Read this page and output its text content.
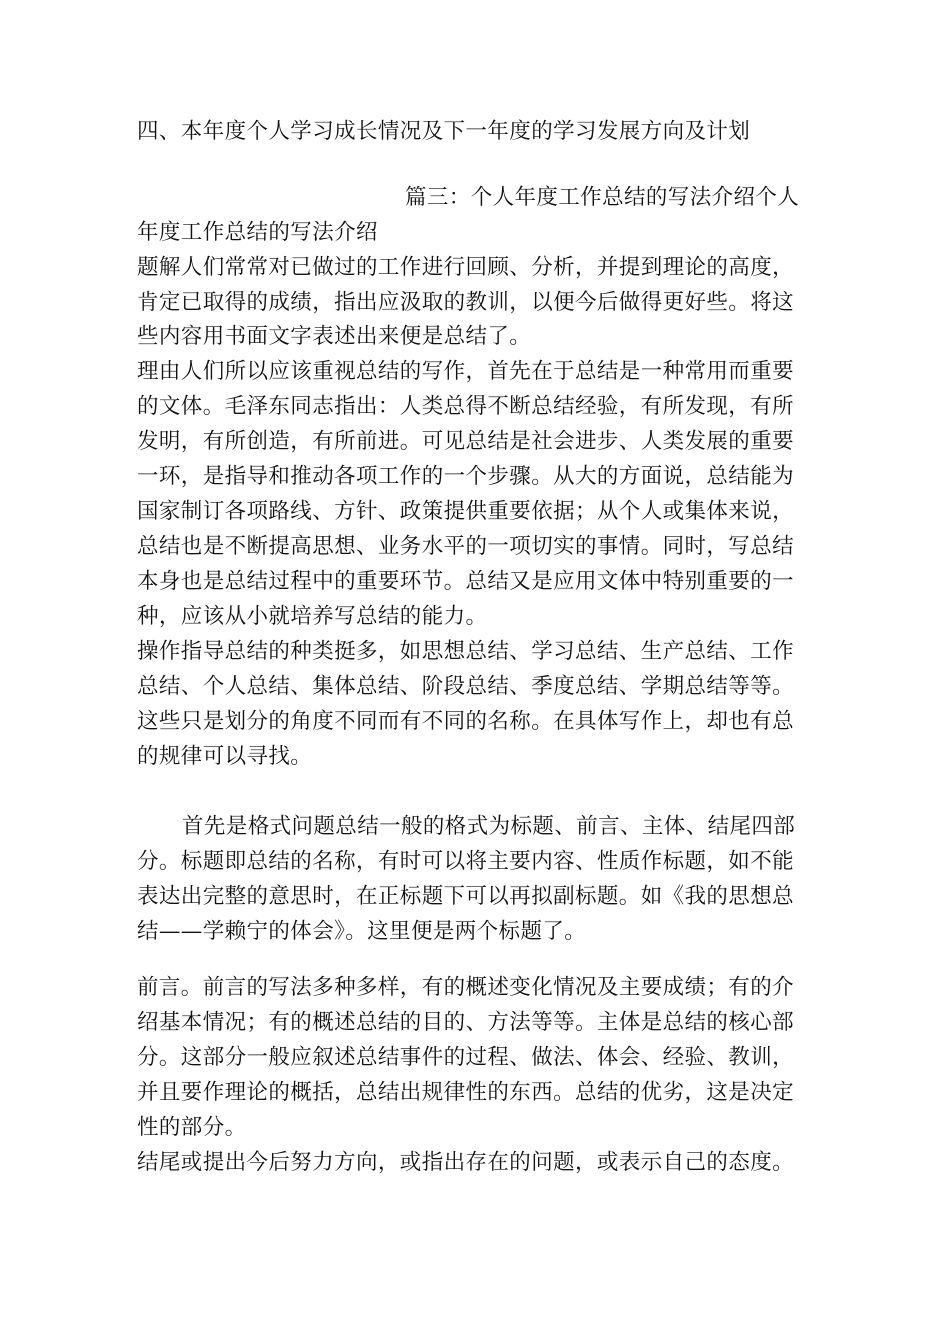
四、本年度个人学习成长情况及下一年度的学习发展方向及计划
篇三：个人年度工作总结的写法介绍个人
年度工作总结的写法介绍
题解人们常常对已做过的工作进行回顾、分析，并提到理论的高度，
肯定已取得的成绩，指出应汲取的教训，以便今后做得更好些。将这
些内容用书面文字表述出来便是总结了。
理由人们所以应该重视总结的写作，首先在于总结是一种常用而重要
的文体。毛泽东同志指出：人类总得不断总结经验，有所发现，有所
发明，有所创造，有所前进。可见总结是社会进步、人类发展的重要
一环，是指导和推动各项工作的一个步骤。从大的方面说，总结能为
国家制订各项路线、方针、政策提供重要依据；从个人或集体来说，
总结也是不断提高思想、业务水平的一项切实的事情。同时，写总结
本身也是总结过程中的重要环节。总结又是应用文体中特别重要的一
种，应该从小就培养写总结的能力。
操作指导总结的种类挺多，如思想总结、学习总结、生产总结、工作
总结、个人总结、集体总结、阶段总结、季度总结、学期总结等等。
这些只是划分的角度不同而有不同的名称。在具体写作上，却也有总
的规律可以寻找。
首先是格式问题总结一般的格式为标题、前言、主体、结尾四部
分。标题即总结的名称，有时可以将主要内容、性质作标题，如不能
表达出完整的意思时，在正标题下可以再拟副标题。如《我的思想总
结——学赖宁的体会》。这里便是两个标题了。
前言。前言的写法多种多样，有的概述变化情况及主要成绩；有的介
绍基本情况；有的概述总结的目的、方法等等。主体是总结的核心部
分。这部分一般应叙述总结事件的过程、做法、体会、经验、教训，
并且要作理论的概括，总结出规律性的东西。总结的优劣，这是决定
性的部分。
结尾或提出今后努力方向，或指出存在的问题，或表示自己的态度。
